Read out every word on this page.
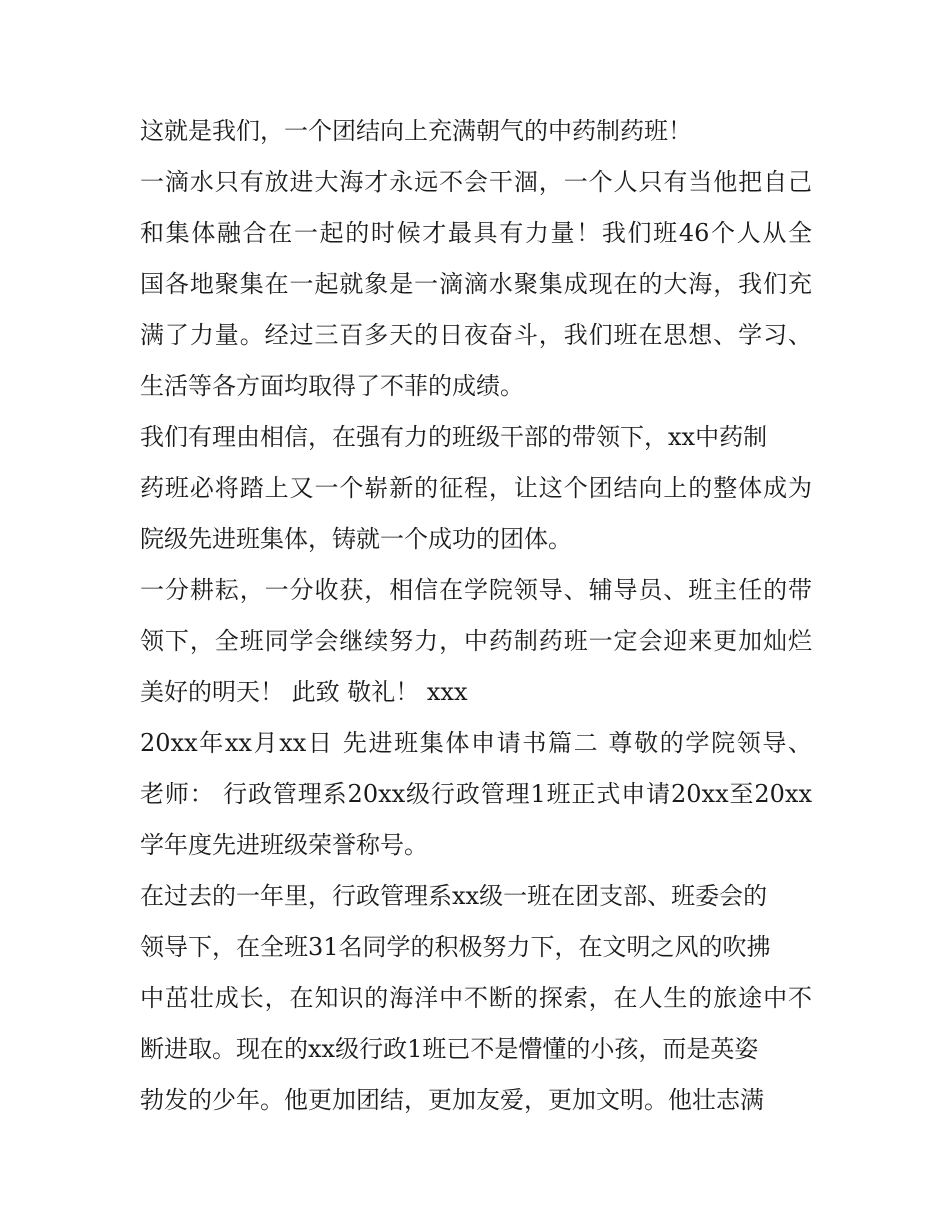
这就是我们，一个团结向上充满朝气的中药制药班！
一滴水只有放进大海才永远不会干涸，一个人只有当他把自己
和集体融合在一起的时候才最具有力量！我们班46个人从全
国各地聚集在一起就象是一滴滴水聚集成现在的大海，我们充
满了力量。经过三百多天的日夜奋斗，我们班在思想、学习、
生活等各方面均取得了不菲的成绩。
我们有理由相信，在强有力的班级干部的带领下，xx中药制
药班必将踏上又一个崭新的征程，让这个团结向上的整体成为
院级先进班集体，铸就一个成功的团体。
一分耕耘，一分收获，相信在学院领导、辅导员、班主任的带
领下，全班同学会继续努力，中药制药班一定会迎来更加灿烂
美好的明天！ 此致 敬礼！ xxx
20xx年xx月xx日 先进班集体申请书篇二 尊敬的学院领导、
老师： 行政管理系20xx级行政管理1班正式申请20xx至20xx
学年度先进班级荣誉称号。
在过去的一年里，行政管理系xx级一班在团支部、班委会的
领导下，在全班31名同学的积极努力下，在文明之风的吹拂
中茁壮成长，在知识的海洋中不断的探索，在人生的旅途中不
断进取。现在的xx级行政1班已不是懵懂的小孩，而是英姿
勃发的少年。他更加团结，更加友爱，更加文明。他壮志满
